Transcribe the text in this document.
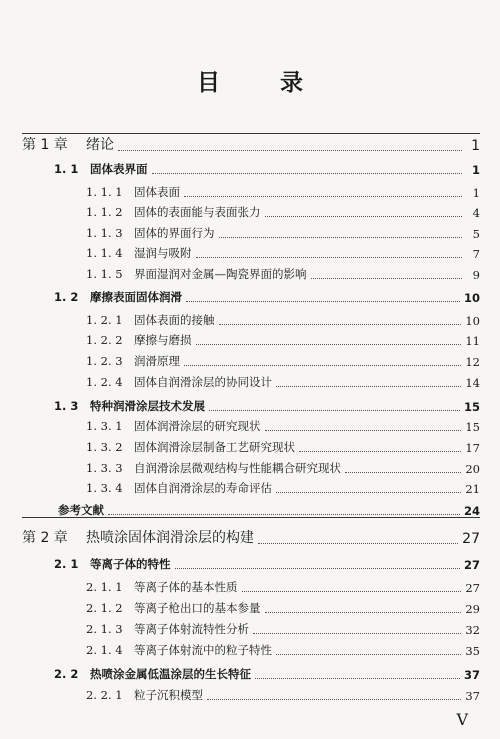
目 录
第 1 章 绪论	1
1. 1 固体表界面	1
1. 1. 1 固体表面	1
1. 1. 2 固体的表面能与表面张力	4
1. 1. 3 固体的界面行为	5
1. 1. 4 湿润与吸附	7
1. 1. 5 界面湿润对金属—陶瓷界面的影响	9
1. 2 摩擦表面固体润滑	10
1. 2. 1 固体表面的接触	10
1. 2. 2 摩擦与磨损	11
1. 2. 3 润滑原理	12
1. 2. 4 固体自润滑涂层的协同设计	14
1. 3 特种润滑涂层技术发展	15
1. 3. 1 固体润滑涂层的研究现状	15
1. 3. 2 固体润滑涂层制备工艺研究现状	17
1. 3. 3 自润滑涂层微观结构与性能耦合研究现状	20
1. 3. 4 固体自润滑涂层的寿命评估	21
参考文献	24
第 2 章 热喷涂固体润滑涂层的构建	27
2. 1 等离子体的特性	27
2. 1. 1 等离子体的基本性质	27
2. 1. 2 等离子枪出口的基本参量	29
2. 1. 3 等离子体射流特性分析	32
2. 1. 4 等离子体射流中的粒子特性	35
2. 2 热喷涂金属低温涂层的生长特征	37
2. 2. 1 粒子沉积模型	37
V
